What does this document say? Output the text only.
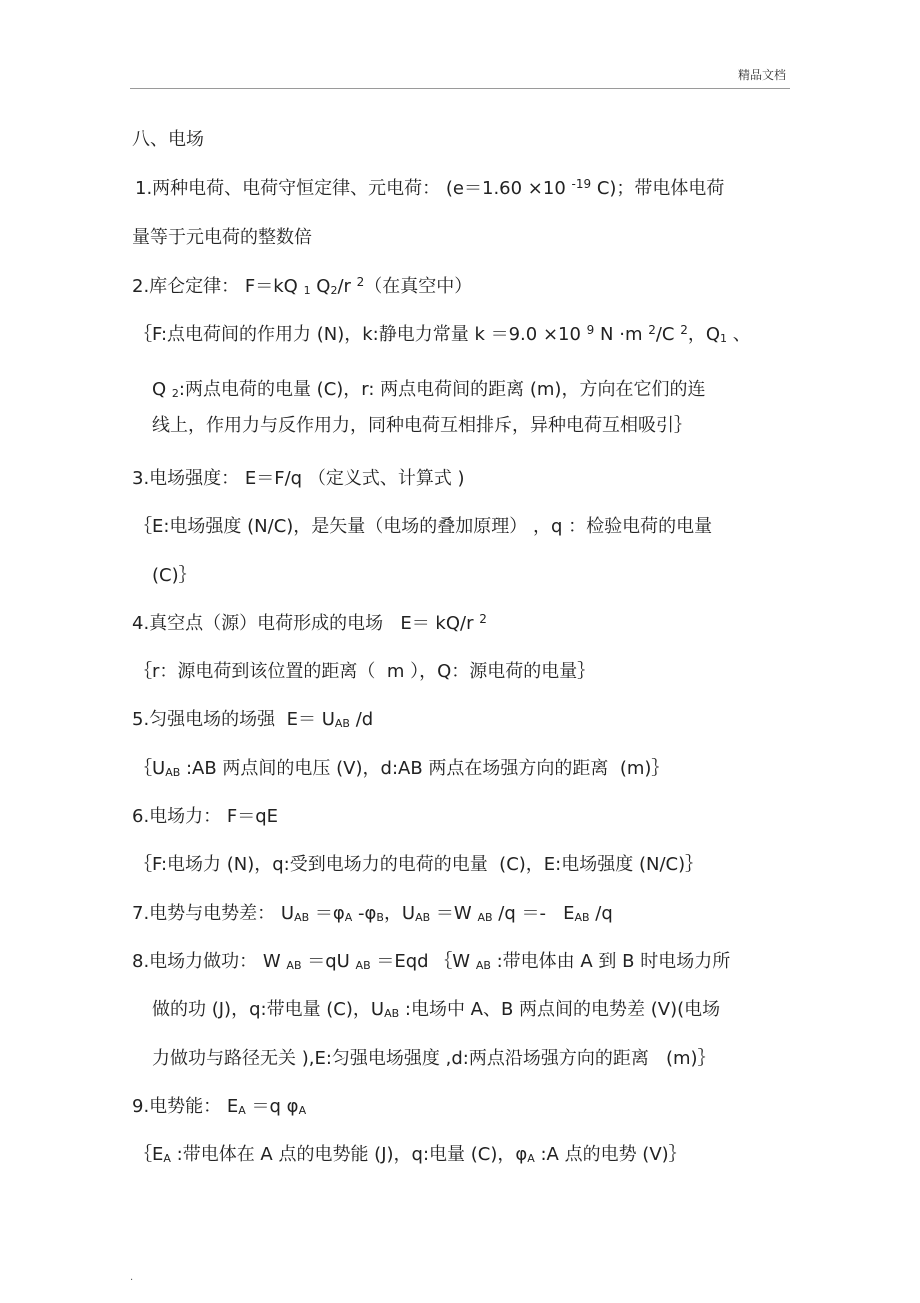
精品文档
八、电场
1.两种电荷、电荷守恒定律、元电荷： (e＝1.60 ×10 $^{-19}$ C)；带电体电荷
量等于元电荷的整数倍
2.库仑定律： F＝kQ $_1$ $Q_2/r$ $^2$（在真空中）
｛F:点电荷间的作用力 (N)，k:静电力常量 k ＝9.0 ×10 $^9$ N ·m $^2$/C $^2$，$Q_1$ 、
Q $_2$:两点电荷的电量 (C)，r: 两点电荷间的距离 (m)，方向在它们的连
线上，作用力与反作用力，同种电荷互相排斥，异种电荷互相吸引｝
3.电场强度： E＝F/q （定义式、计算式 )
｛E:电场强度 (N/C)，是矢量（电场的叠加原理） ，q ：检验电荷的电量
(C)｝
4.真空点（源）电荷形成的电场   E＝ kQ/r $^2$
｛r：源电荷到该位置的距离（  m ），Q：源电荷的电量｝
5.匀强电场的场强  $E= U_{AB}$ /d
$\{U_{AB}$ :AB 两点间的电压 (V)，d:AB 两点在场强方向的距离  (m)｝
6.电场力： F＝qE
｛F:电场力 (N)，q:受到电场力的电荷的电量  (C)，E:电场强度 (N/C)｝
7.电势与电势差： $U_{AB} =\varphi_A$ $-\varphi_B$，$U_{AB} =W$ $_{AB}$ $/q =- E_{AB}$ /q
8.电场力做功： W $_{AB}$ ＝qU $_{AB}$ ＝Eqd ｛W $_{AB}$ :带电体由 A 到 B 时电场力所
做的功 (J)，q:带电量 (C)，$U_{AB}$ :电场中 A、B 两点间的电势差 (V)(电场
力做功与路径无关 ),E:匀强电场强度 ,d:两点沿场强方向的距离   (m)｝
9.电势能： $E_A =q$ $\varphi_A$
$\{E_A$ :带电体在 A 点的电势能 (J)，q:电量 (C)，$\varphi_A$ :A 点的电势 (V)｝
.
